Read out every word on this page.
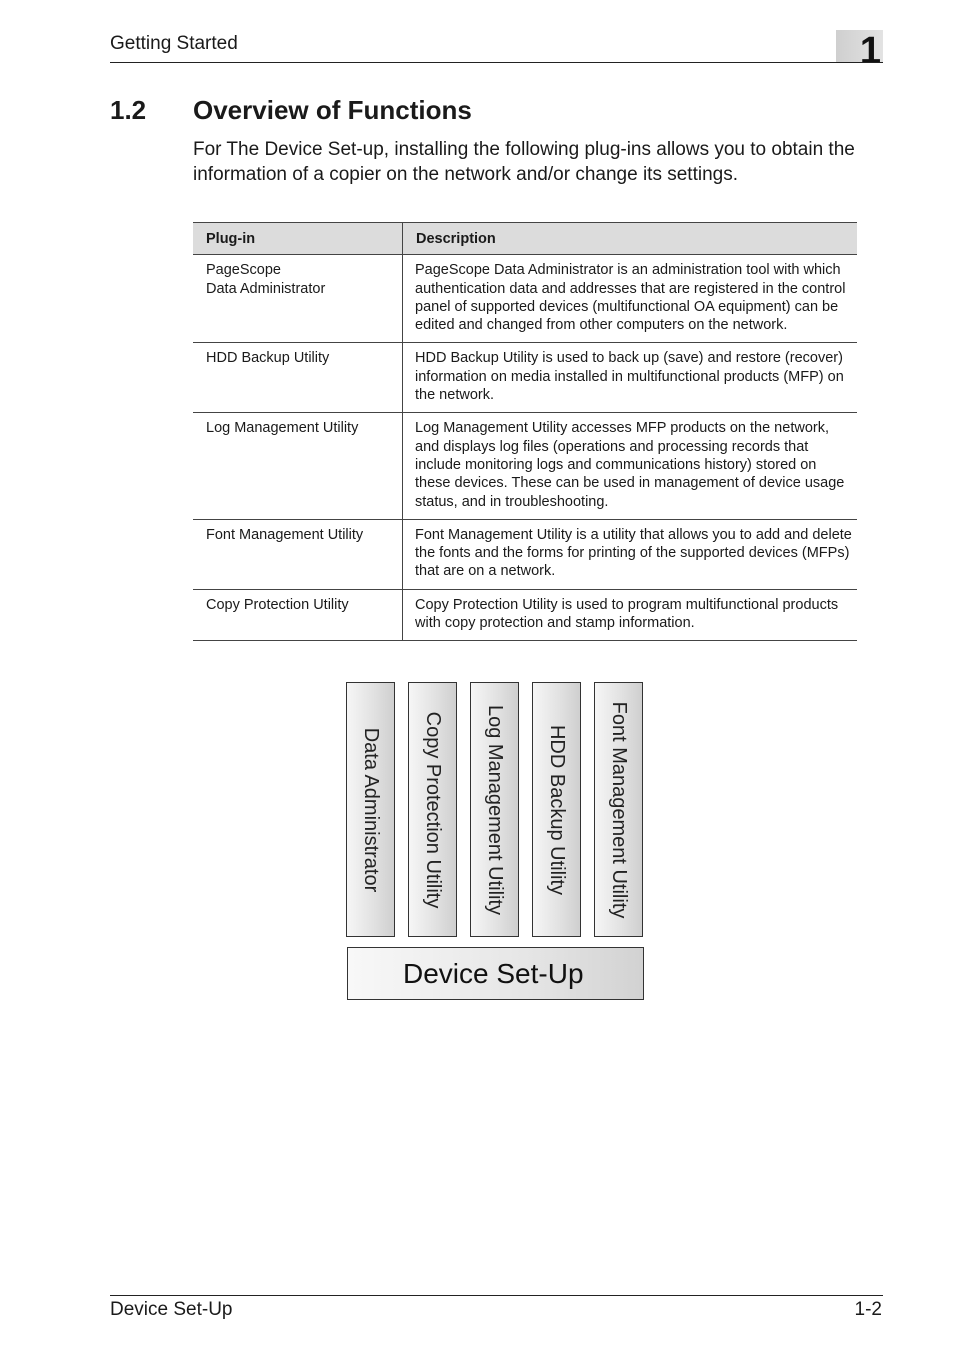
Getting Started	1
1.2 Overview of Functions

For The Device Set-up, installing the following plug-ins allows you to obtain the information of a copier on the network and/or change its settings.

Plug-in	Description
PageScope
Data Administrator	PageScope Data Administrator is an administration tool with which authentication data and addresses that are registered in the control panel of supported devices (multifunctional OA equipment) can be edited and changed from other computers on the network.
HDD Backup Utility	HDD Backup Utility is used to back up (save) and restore (recover) information on media installed in multifunctional products (MFP) on the network.
Log Management Utility	Log Management Utility accesses MFP products on the network, and displays log files (operations and processing records that include monitoring logs and communications history) stored on these devices. These can be used in management of device usage status, and in troubleshooting.
Font Management Utility	Font Management Utility is a utility that allows you to add and delete the fonts and the forms for printing of the supported devices (MFPs) that are on a network.
Copy Protection Utility	Copy Protection Utility is used to program multifunctional products with copy protection and stamp information.
Data Administrator Copy Protection Utility Log Management Utility HDD Backup Utility Font Management Utility
Device Set-Up
Device Set-Up	1-2
